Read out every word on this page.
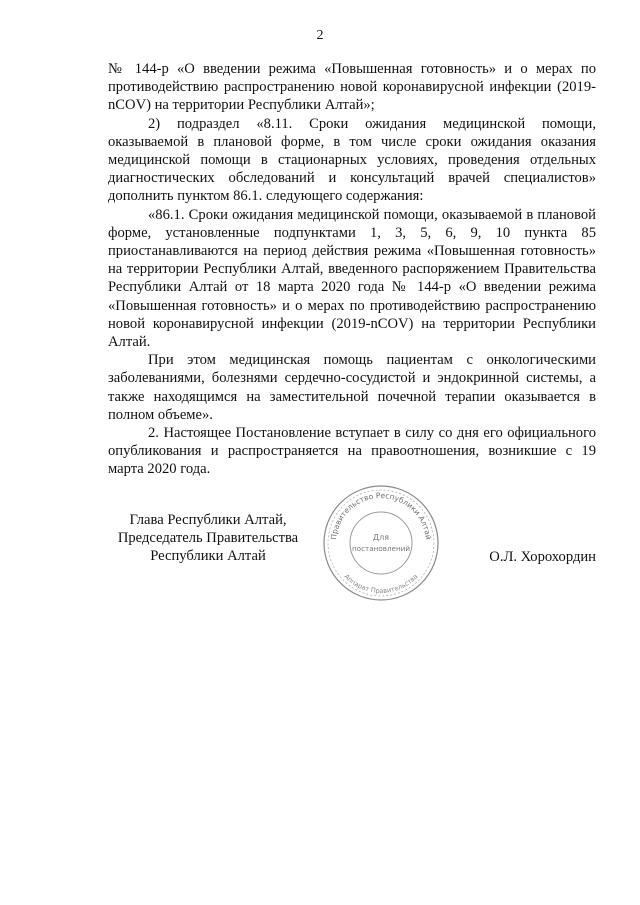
2

№ 144-р «О введении режима «Повышенная готовность» и о мерах по противодействию распространению новой коронавирусной инфекции (2019-nCOV) на территории Республики Алтай»;

2) подраздел «8.11. Сроки ожидания медицинской помощи, оказываемой в плановой форме, в том числе сроки ожидания оказания медицинской помощи в стационарных условиях, проведения отдельных диагностических обследований и консультаций врачей специалистов» дополнить пунктом 86.1. следующего содержания:

«86.1. Сроки ожидания медицинской помощи, оказываемой в плановой форме, установленные подпунктами 1, 3, 5, 6, 9, 10 пункта 85 приостанавливаются на период действия режима «Повышенная готовность» на территории Республики Алтай, введенного распоряжением Правительства Республики Алтай от 18 марта 2020 года № 144-р «О введении режима «Повышенная готовность» и о мерах по противодействию распространению новой коронавирусной инфекции (2019-nCOV) на территории Республики Алтай.

При этом медицинская помощь пациентам с онкологическими заболеваниями, болезнями сердечно-сосудистой и эндокринной системы, а также находящимся на заместительной почечной терапии оказывается в полном объеме».

2. Настоящее Постановление вступает в силу со дня его официального опубликования и распространяется на правоотношения, возникшие с 19 марта 2020 года.

Глава Республики Алтай,
Председатель Правительства
Республики Алтай	О.Л. Хорохордин
Правительство Республики Алтай
Аппарат Правительства
Для
постановлений
